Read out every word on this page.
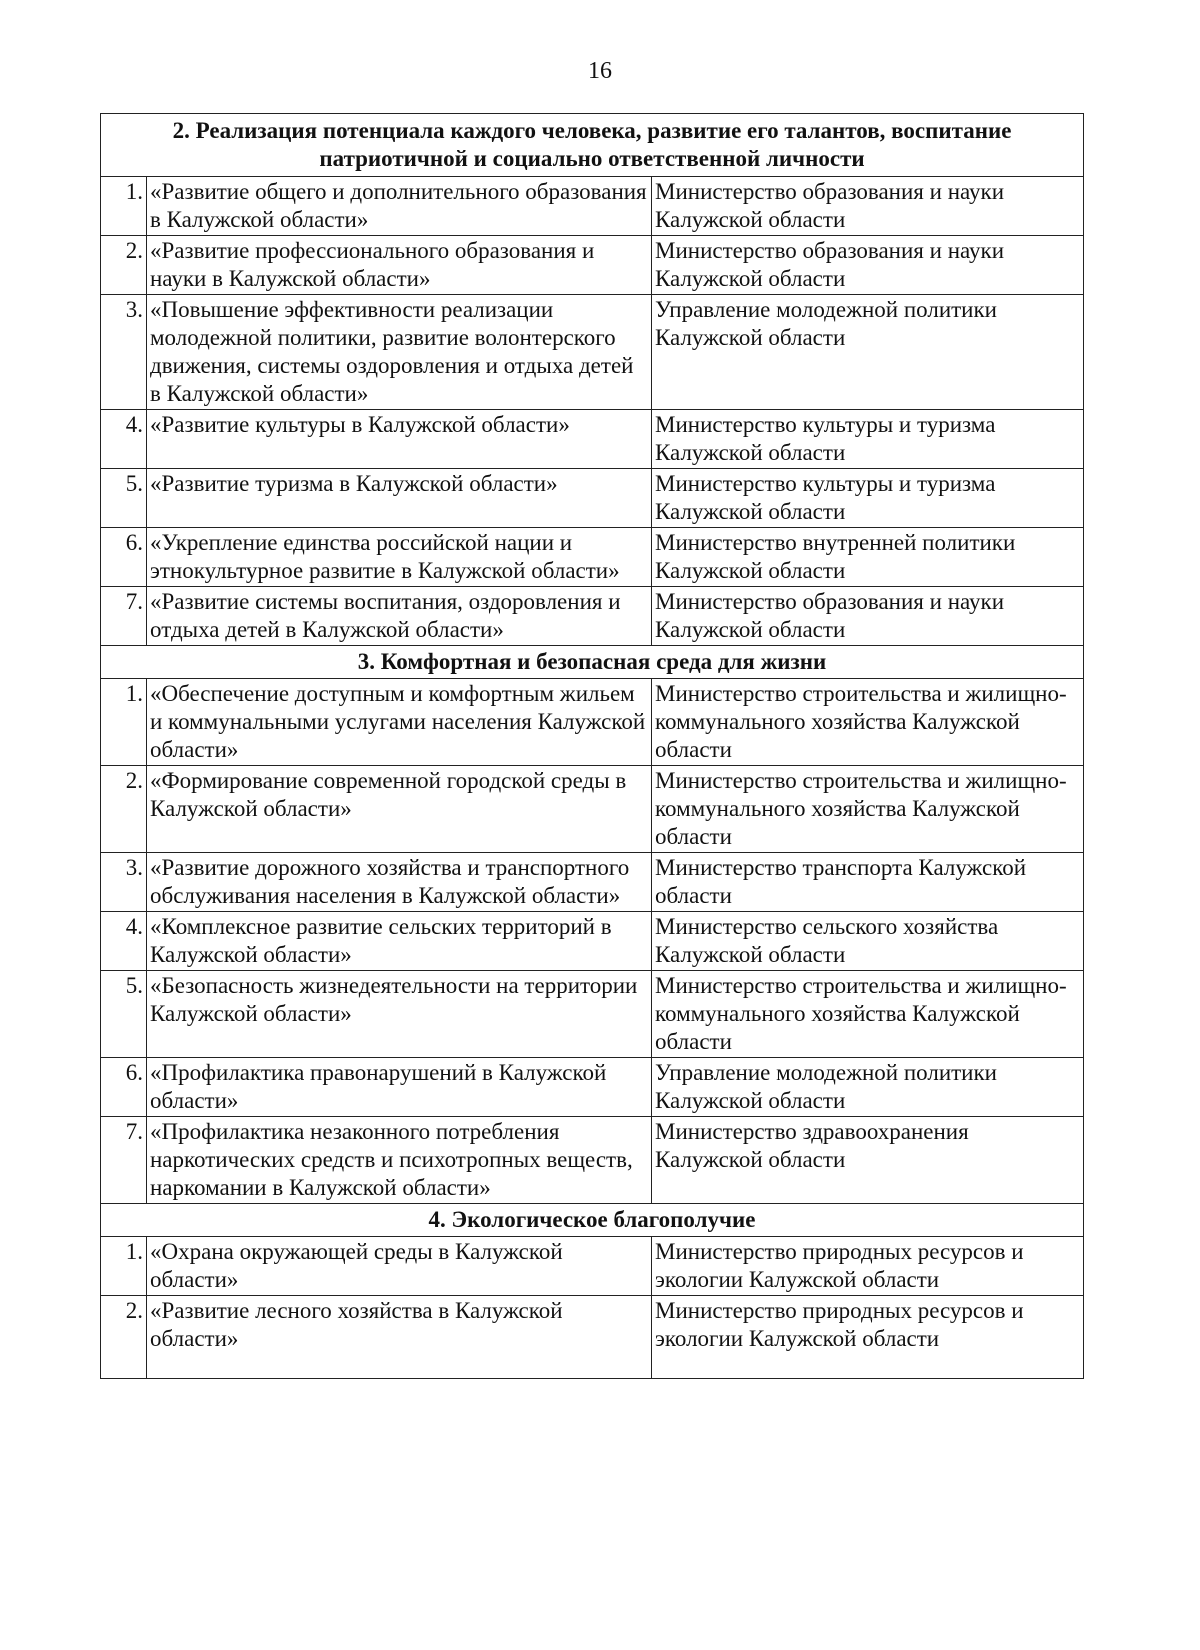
16
2. Реализация потенциала каждого человека, развитие его талантов, воспитание патриотичной и социально ответственной личности		
1.	«Развитие общего и дополнительного образования в Калужской области»	Министерство образования и науки Калужской области
2.	«Развитие профессионального образования и науки в Калужской области»	Министерство образования и науки Калужской области
3.	«Повышение эффективности реализации молодежной политики, развитие волонтерского движения, системы оздоровления и отдыха детей в Калужской области»	Управление молодежной политики Калужской области
4.	«Развитие культуры в Калужской области»	Министерство культуры и туризма Калужской области
5.	«Развитие туризма в Калужской области»	Министерство культуры и туризма Калужской области
6.	«Укрепление единства российской нации и этнокультурное развитие в Калужской области»	Министерство внутренней политики Калужской области
7.	«Развитие системы воспитания, оздоровления и отдыха детей в Калужской области»	Министерство образования и науки Калужской области
3. Комфортная и безопасная среда для жизни		
1.	«Обеспечение доступным и комфортным жильем и коммунальными услугами населения Калужской области»	Министерство строительства и жилищно-коммунального хозяйства Калужской области
2.	«Формирование современной городской среды в Калужской области»	Министерство строительства и жилищно-коммунального хозяйства Калужской области
3.	«Развитие дорожного хозяйства и транспортного обслуживания населения в Калужской области»	Министерство транспорта Калужской области
4.	«Комплексное развитие сельских территорий в Калужской области»	Министерство сельского хозяйства Калужской области
5.	«Безопасность жизнедеятельности на территории Калужской области»	Министерство строительства и жилищно-коммунального хозяйства Калужской области
6.	«Профилактика правонарушений в Калужской области»	Управление молодежной политики Калужской области
7.	«Профилактика незаконного потребления наркотических средств и психотропных веществ, наркомании в Калужской области»	Министерство здравоохранения Калужской области
4. Экологическое благополучие		
1.	«Охрана окружающей среды в Калужской области»	Министерство природных ресурсов и экологии Калужской области
2.	«Развитие лесного хозяйства в Калужской области»	Министерство природных ресурсов и экологии Калужской области
